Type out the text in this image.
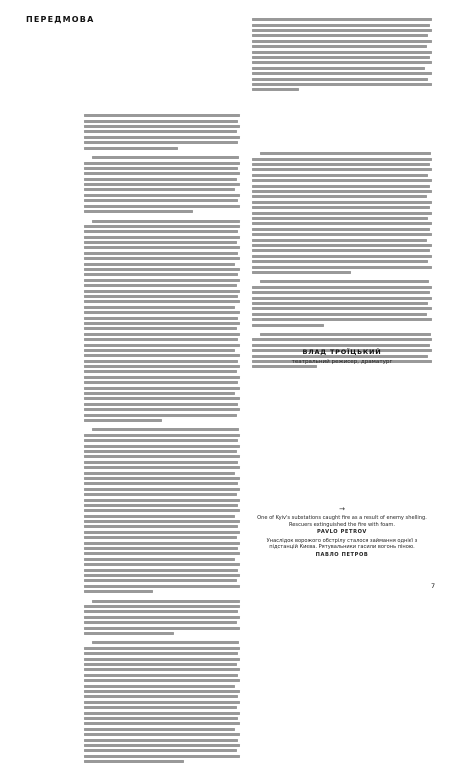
ПЕРЕДМОВА
ВЛАД ТРОЇЦЬКИЙ
театральний режисер, драматург
→
One of Kyiv's substations caught fire as a result of enemy shelling. Rescuers extinguished the fire with foam.
PAVLO PETROV
Унаслідок ворожого обстрілу сталося займання однієї з підстанцій Києва. Рятувальники гасили вогонь піною.
ПАВЛО ПЕТРОВ
7
